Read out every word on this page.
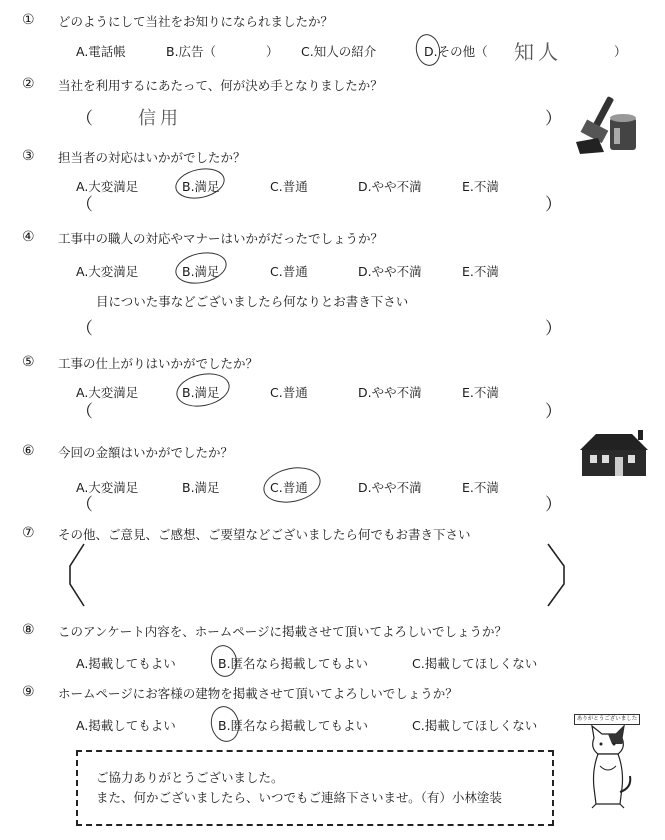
① どのようにして当社をお知りになられましたか？
A.電話帳	B.広告（	） C.知人の紹介	D.その他（	）
知人
② 当社を利用するにあたって、何が決め手となりましたか？
（	信用	）
③ 担当者の対応はいかがでしたか？
A.大変満足	B.満足	C.普通	D.やや不満	E.不満
（	）
④ 工事中の職人の対応やマナーはいかがだったでしょうか？
A.大変満足	B.満足	C.普通	D.やや不満	E.不満
目についた事などございましたら何なりとお書き下さい
（	）
⑤ 工事の仕上がりはいかがでしたか？
A.大変満足	B.満足	C.普通	D.やや不満	E.不満
（	）
⑥ 今回の金額はいかがでしたか？
A.大変満足	B.満足	C.普通	D.やや不満	E.不満
（	）
⑦ その他、ご意見、ご感想、ご要望などございましたら何でもお書き下さい
⑧ このアンケート内容を、ホームページに掲載させて頂いてよろしいでしょうか？
A.掲載してもよい	B.匿名なら掲載してもよい	C.掲載してほしくない
⑨ ホームページにお客様の建物を掲載させて頂いてよろしいでしょうか？
A.掲載してもよい	B.匿名なら掲載してもよい	C.掲載してほしくない
ご協力ありがとうございました。
また、何かございましたら、いつでもご連絡下さいませ。（有）小林塗装
ありがとうございました
